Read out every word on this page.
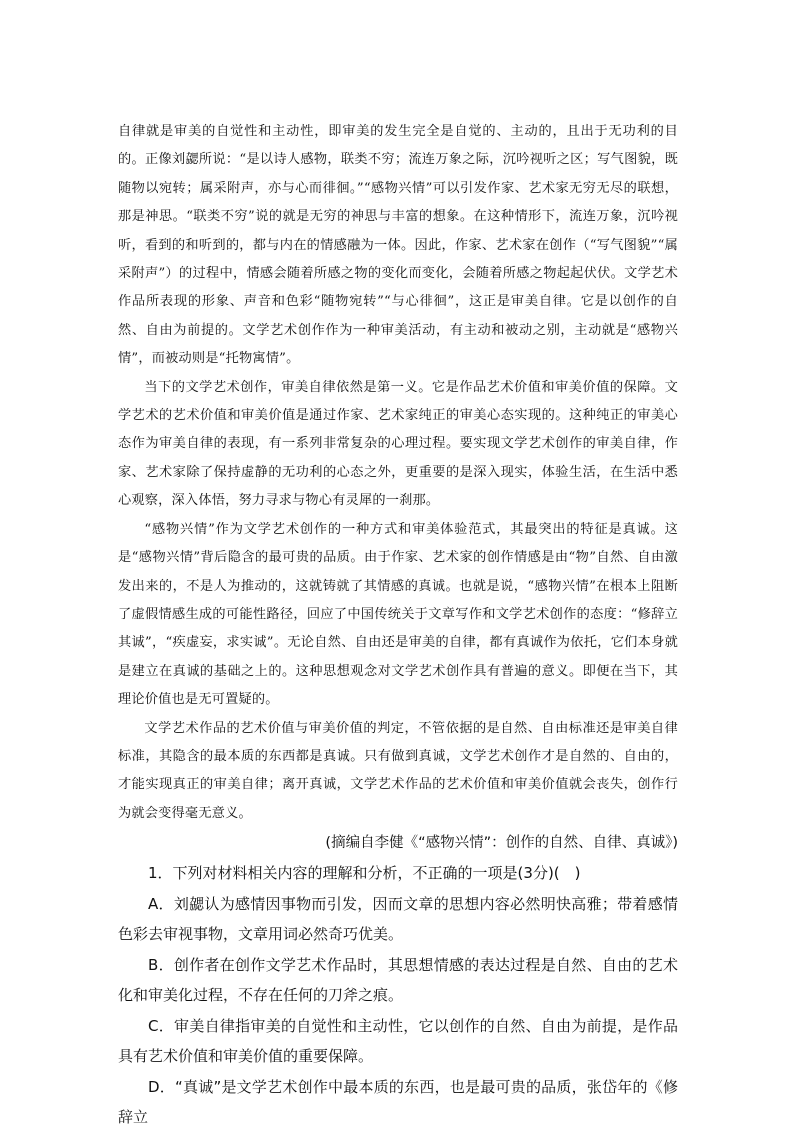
自律就是审美的自觉性和主动性，即审美的发生完全是自觉的、主动的，且出于无功利的目的。正像刘勰所说：“是以诗人感物，联类不穷；流连万象之际，沉吟视听之区；写气图貌，既随物以宛转；属采附声，亦与心而徘徊。”“感物兴情”可以引发作家、艺术家无穷无尽的联想，那是神思。“联类不穷”说的就是无穷的神思与丰富的想象。在这种情形下，流连万象，沉吟视听，看到的和听到的，都与内在的情感融为一体。因此，作家、艺术家在创作（“写气图貌”“属采附声”）的过程中，情感会随着所感之物的变化而变化，会随着所感之物起起伏伏。文学艺术作品所表现的形象、声音和色彩“随物宛转”“与心徘徊”，这正是审美自律。它是以创作的自然、自由为前提的。文学艺术创作作为一种审美活动，有主动和被动之别，主动就是“感物兴情”，而被动则是“托物寓情”。

当下的文学艺术创作，审美自律依然是第一义。它是作品艺术价值和审美价值的保障。文学艺术的艺术价值和审美价值是通过作家、艺术家纯正的审美心态实现的。这种纯正的审美心态作为审美自律的表现，有一系列非常复杂的心理过程。要实现文学艺术创作的审美自律，作家、艺术家除了保持虚静的无功利的心态之外，更重要的是深入现实，体验生活，在生活中悉心观察，深入体悟，努力寻求与物心有灵犀的一刹那。

“感物兴情”作为文学艺术创作的一种方式和审美体验范式，其最突出的特征是真诚。这是“感物兴情”背后隐含的最可贵的品质。由于作家、艺术家的创作情感是由“物”自然、自由激发出来的，不是人为推动的，这就铸就了其情感的真诚。也就是说，“感物兴情”在根本上阻断了虚假情感生成的可能性路径，回应了中国传统关于文章写作和文学艺术创作的态度：“修辞立其诚”，“疾虚妄，求实诚”。无论自然、自由还是审美的自律，都有真诚作为依托，它们本身就是建立在真诚的基础之上的。这种思想观念对文学艺术创作具有普遍的意义。即便在当下，其理论价值也是无可置疑的。

文学艺术作品的艺术价值与审美价值的判定，不管依据的是自然、自由标准还是审美自律标准，其隐含的最本质的东西都是真诚。只有做到真诚，文学艺术创作才是自然的、自由的，才能实现真正的审美自律；离开真诚，文学艺术作品的艺术价值和审美价值就会丧失，创作行为就会变得毫无意义。

(摘编自李健《“感物兴情”：创作的自然、自律、真诚》)

1．下列对材料相关内容的理解和分析，不正确的一项是(3分)(　)

A．刘勰认为感情因事物而引发，因而文章的思想内容必然明快高雅；带着感情色彩去审视事物，文章用词必然奇巧优美。

B．创作者在创作文学艺术作品时，其思想情感的表达过程是自然、自由的艺术化和审美化过程，不存在任何的刀斧之痕。

C．审美自律指审美的自觉性和主动性，它以创作的自然、自由为前提，是作品具有艺术价值和审美价值的重要保障。

D．“真诚”是文学艺术创作中最本质的东西，也是最可贵的品质，张岱年的《修辞立
